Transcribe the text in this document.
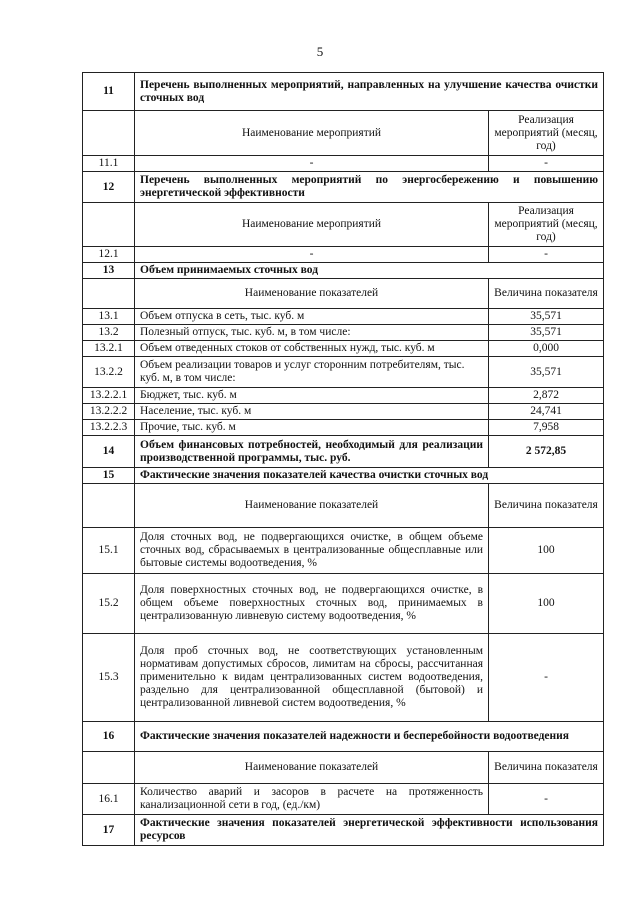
5
11	Перечень выполненных мероприятий, направленных на улучшение качества очистки сточных вод	
	Наименование мероприятий	Реализация мероприятий (месяц, год)
11.1	-	-
12	Перечень выполненных мероприятий по энергосбережению и повышению энергетической эффективности	
	Наименование мероприятий	Реализация мероприятий (месяц, год)
12.1	-	-
13	Объем принимаемых сточных вод	
	Наименование показателей	Величина показателя
13.1	Объем отпуска в сеть, тыс. куб. м	35,571
13.2	Полезный отпуск, тыс. куб. м, в том числе:	35,571
13.2.1	Объем отведенных стоков от собственных нужд, тыс. куб. м	0,000
13.2.2	Объем реализации товаров и услуг сторонним потребителям, тыс. куб. м, в том числе:	35,571
13.2.2.1	Бюджет, тыс. куб. м	2,872
13.2.2.2	Население, тыс. куб. м	24,741
13.2.2.3	Прочие, тыс. куб. м	7,958
14	Объем финансовых потребностей, необходимый для реализации производственной программы, тыс. руб.	2 572,85
15	Фактические значения показателей качества очистки сточных вод	
	Наименование показателей	Величина показателя
15.1	Доля сточных вод, не подвергающихся очистке, в общем объеме сточных вод, сбрасываемых в централизованные общесплавные или бытовые системы водоотведения, %	100
15.2	Доля поверхностных сточных вод, не подвергающихся очистке, в общем объеме поверхностных сточных вод, принимаемых в централизованную ливневую систему водоотведения, %	100
15.3	Доля проб сточных вод, не соответствующих установленным нормативам допустимых сбросов, лимитам на сбросы, рассчитанная применительно к видам централизованных систем водоотведения, раздельно для централизованной общесплавной (бытовой) и централизованной ливневой систем водоотведения, %	-
16	Фактические значения показателей надежности и бесперебойности водоотведения	
	Наименование показателей	Величина показателя
16.1	Количество аварий и засоров в расчете на протяженность канализационной сети в год, (ед./км)	-
17	Фактические значения показателей энергетической эффективности использования ресурсов	
